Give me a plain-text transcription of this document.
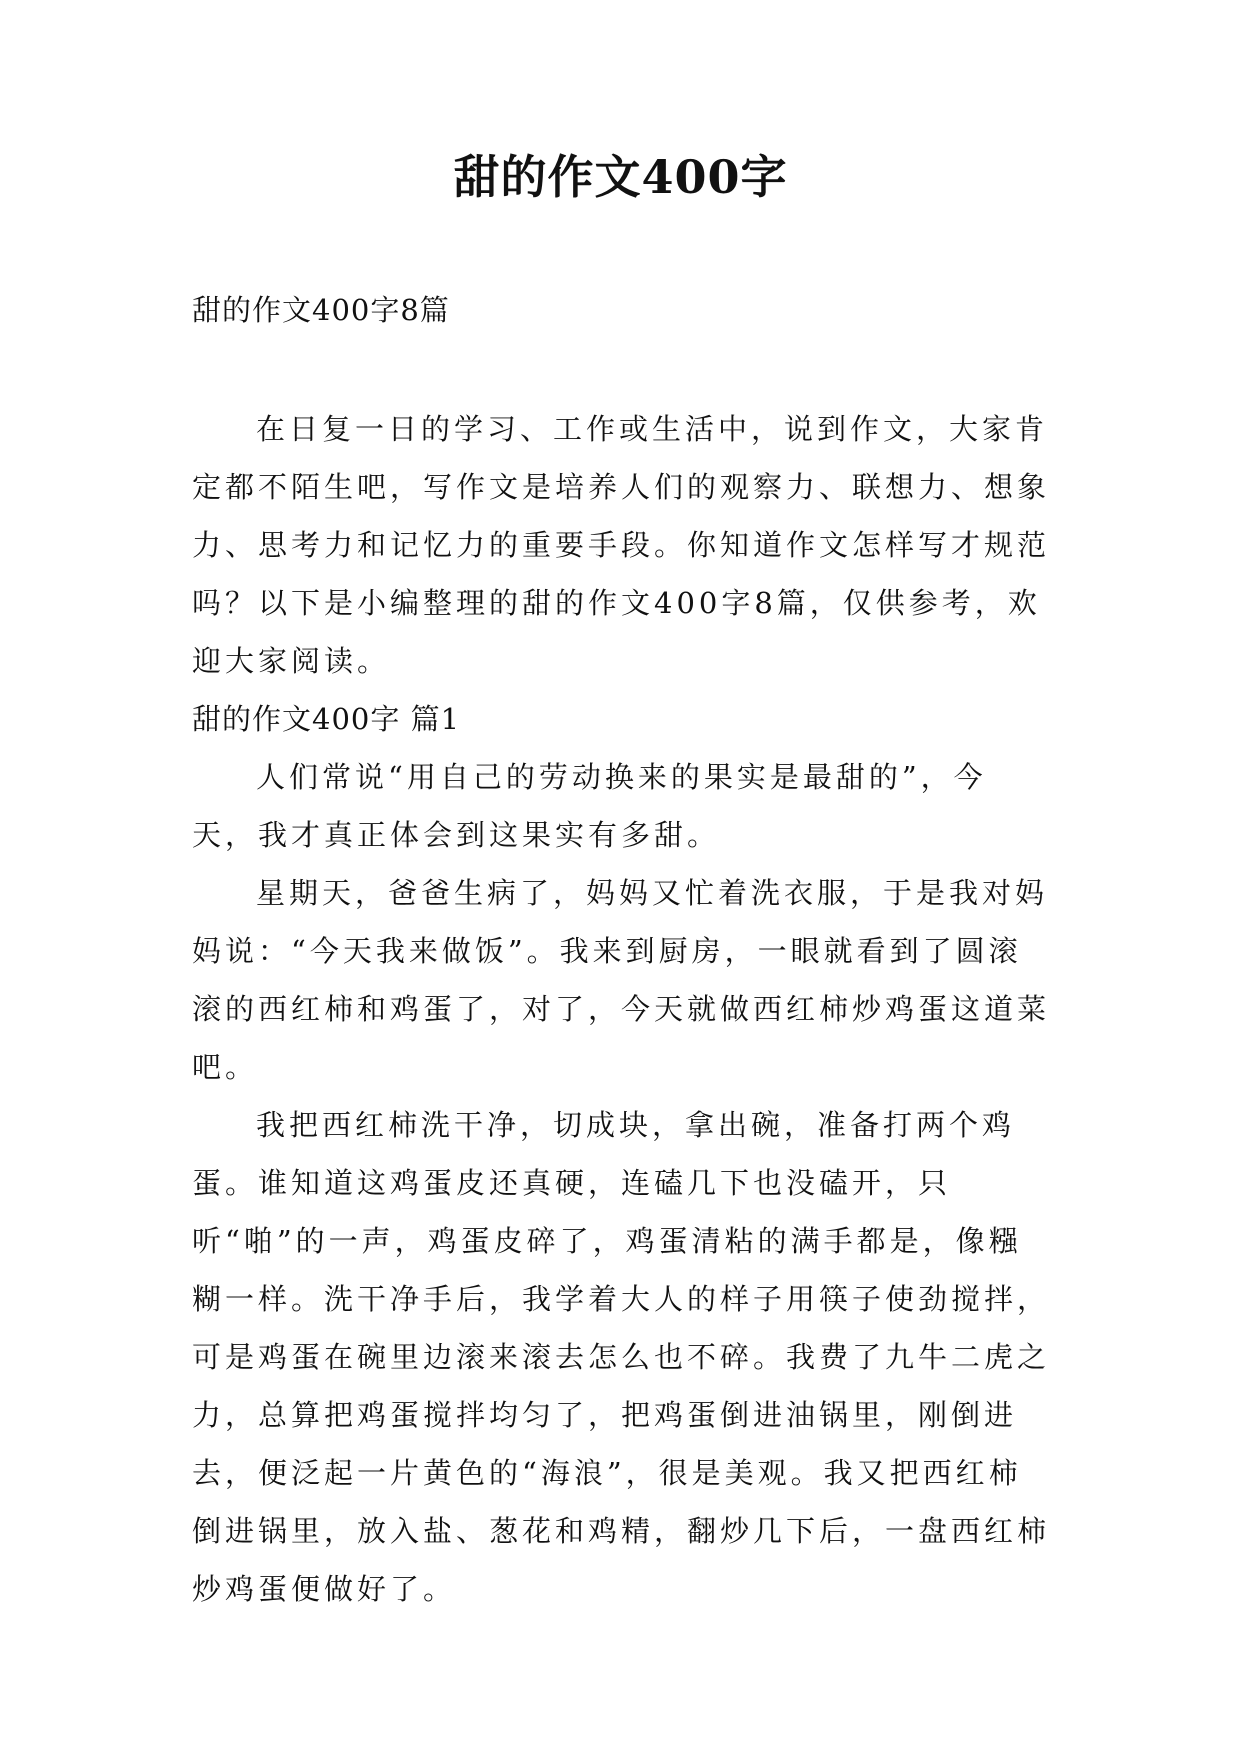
甜的作文400字
甜的作文400字8篇

在日复一日的学习、工作或生活中，说到作文，大家肯定都不陌生吧，写作文是培养人们的观察力、联想力、想象力、思考力和记忆力的重要手段。你知道作文怎样写才规范吗？以下是小编整理的甜的作文400字8篇，仅供参考，欢迎大家阅读。

甜的作文400字 篇1

人们常说“用自己的劳动换来的果实是最甜的”，今天，我才真正体会到这果实有多甜。

星期天，爸爸生病了，妈妈又忙着洗衣服，于是我对妈妈说：“今天我来做饭”。我来到厨房，一眼就看到了圆滚滚的西红柿和鸡蛋了，对了，今天就做西红柿炒鸡蛋这道菜吧。

我把西红柿洗干净，切成块，拿出碗，准备打两个鸡蛋。谁知道这鸡蛋皮还真硬，连磕几下也没磕开，只听“啪”的一声，鸡蛋皮碎了，鸡蛋清粘的满手都是，像糨糊一样。洗干净手后，我学着大人的样子用筷子使劲搅拌，可是鸡蛋在碗里边滚来滚去怎么也不碎。我费了九牛二虎之力，总算把鸡蛋搅拌均匀了，把鸡蛋倒进油锅里，刚倒进去，便泛起一片黄色的“海浪”，很是美观。我又把西红柿倒进锅里，放入盐、葱花和鸡精，翻炒几下后，一盘西红柿炒鸡蛋便做好了。
